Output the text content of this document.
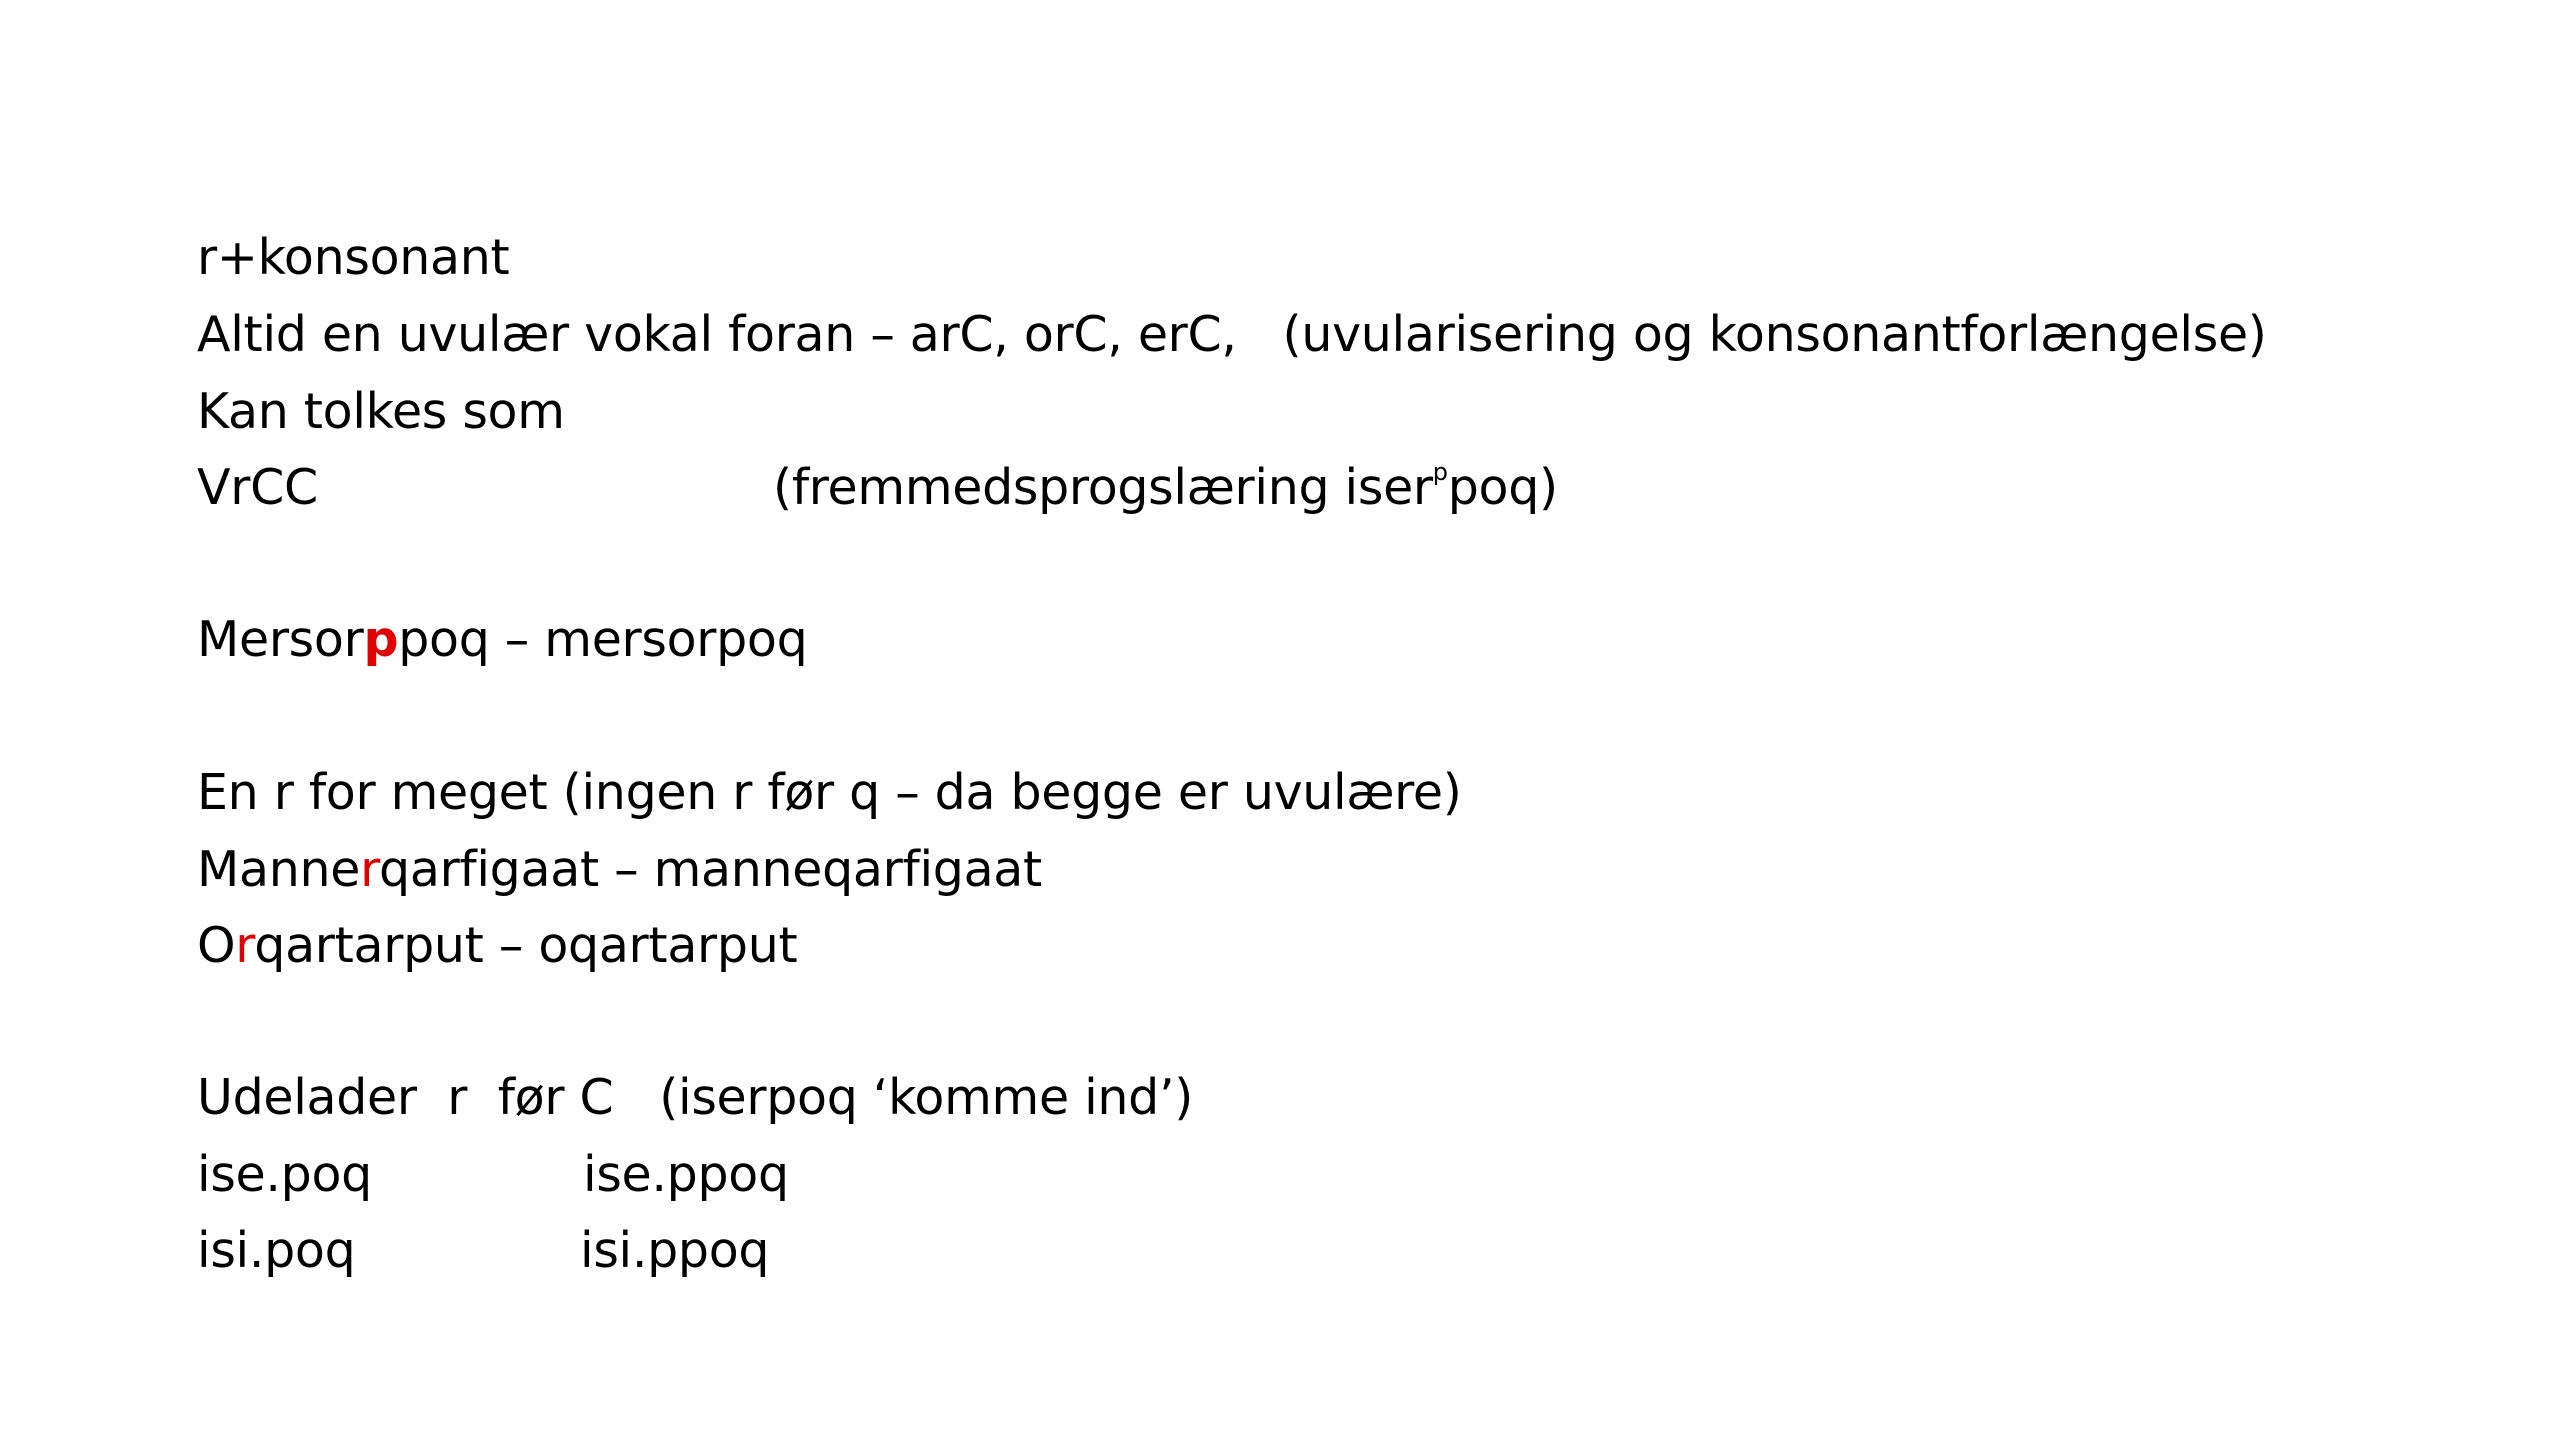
r+konsonant
Altid en uvulær vokal foran – arC, orC, erC,   (uvularisering og konsonantforlængelse)
Kan tolkes som
VrCC	(fremmedsprogslæring iser$^p$poq)
Mersorppoq – mersorpoq
En r for meget (ingen r før q – da begge er uvulære)
Mannerqarfigaat – manneqarfigaat
Orqartarput – oqartarput
Udelader  r  før C   (iserpoq ‘komme ind’)
ise.poq	ise.ppoq
isi.poq	isi.ppoq
